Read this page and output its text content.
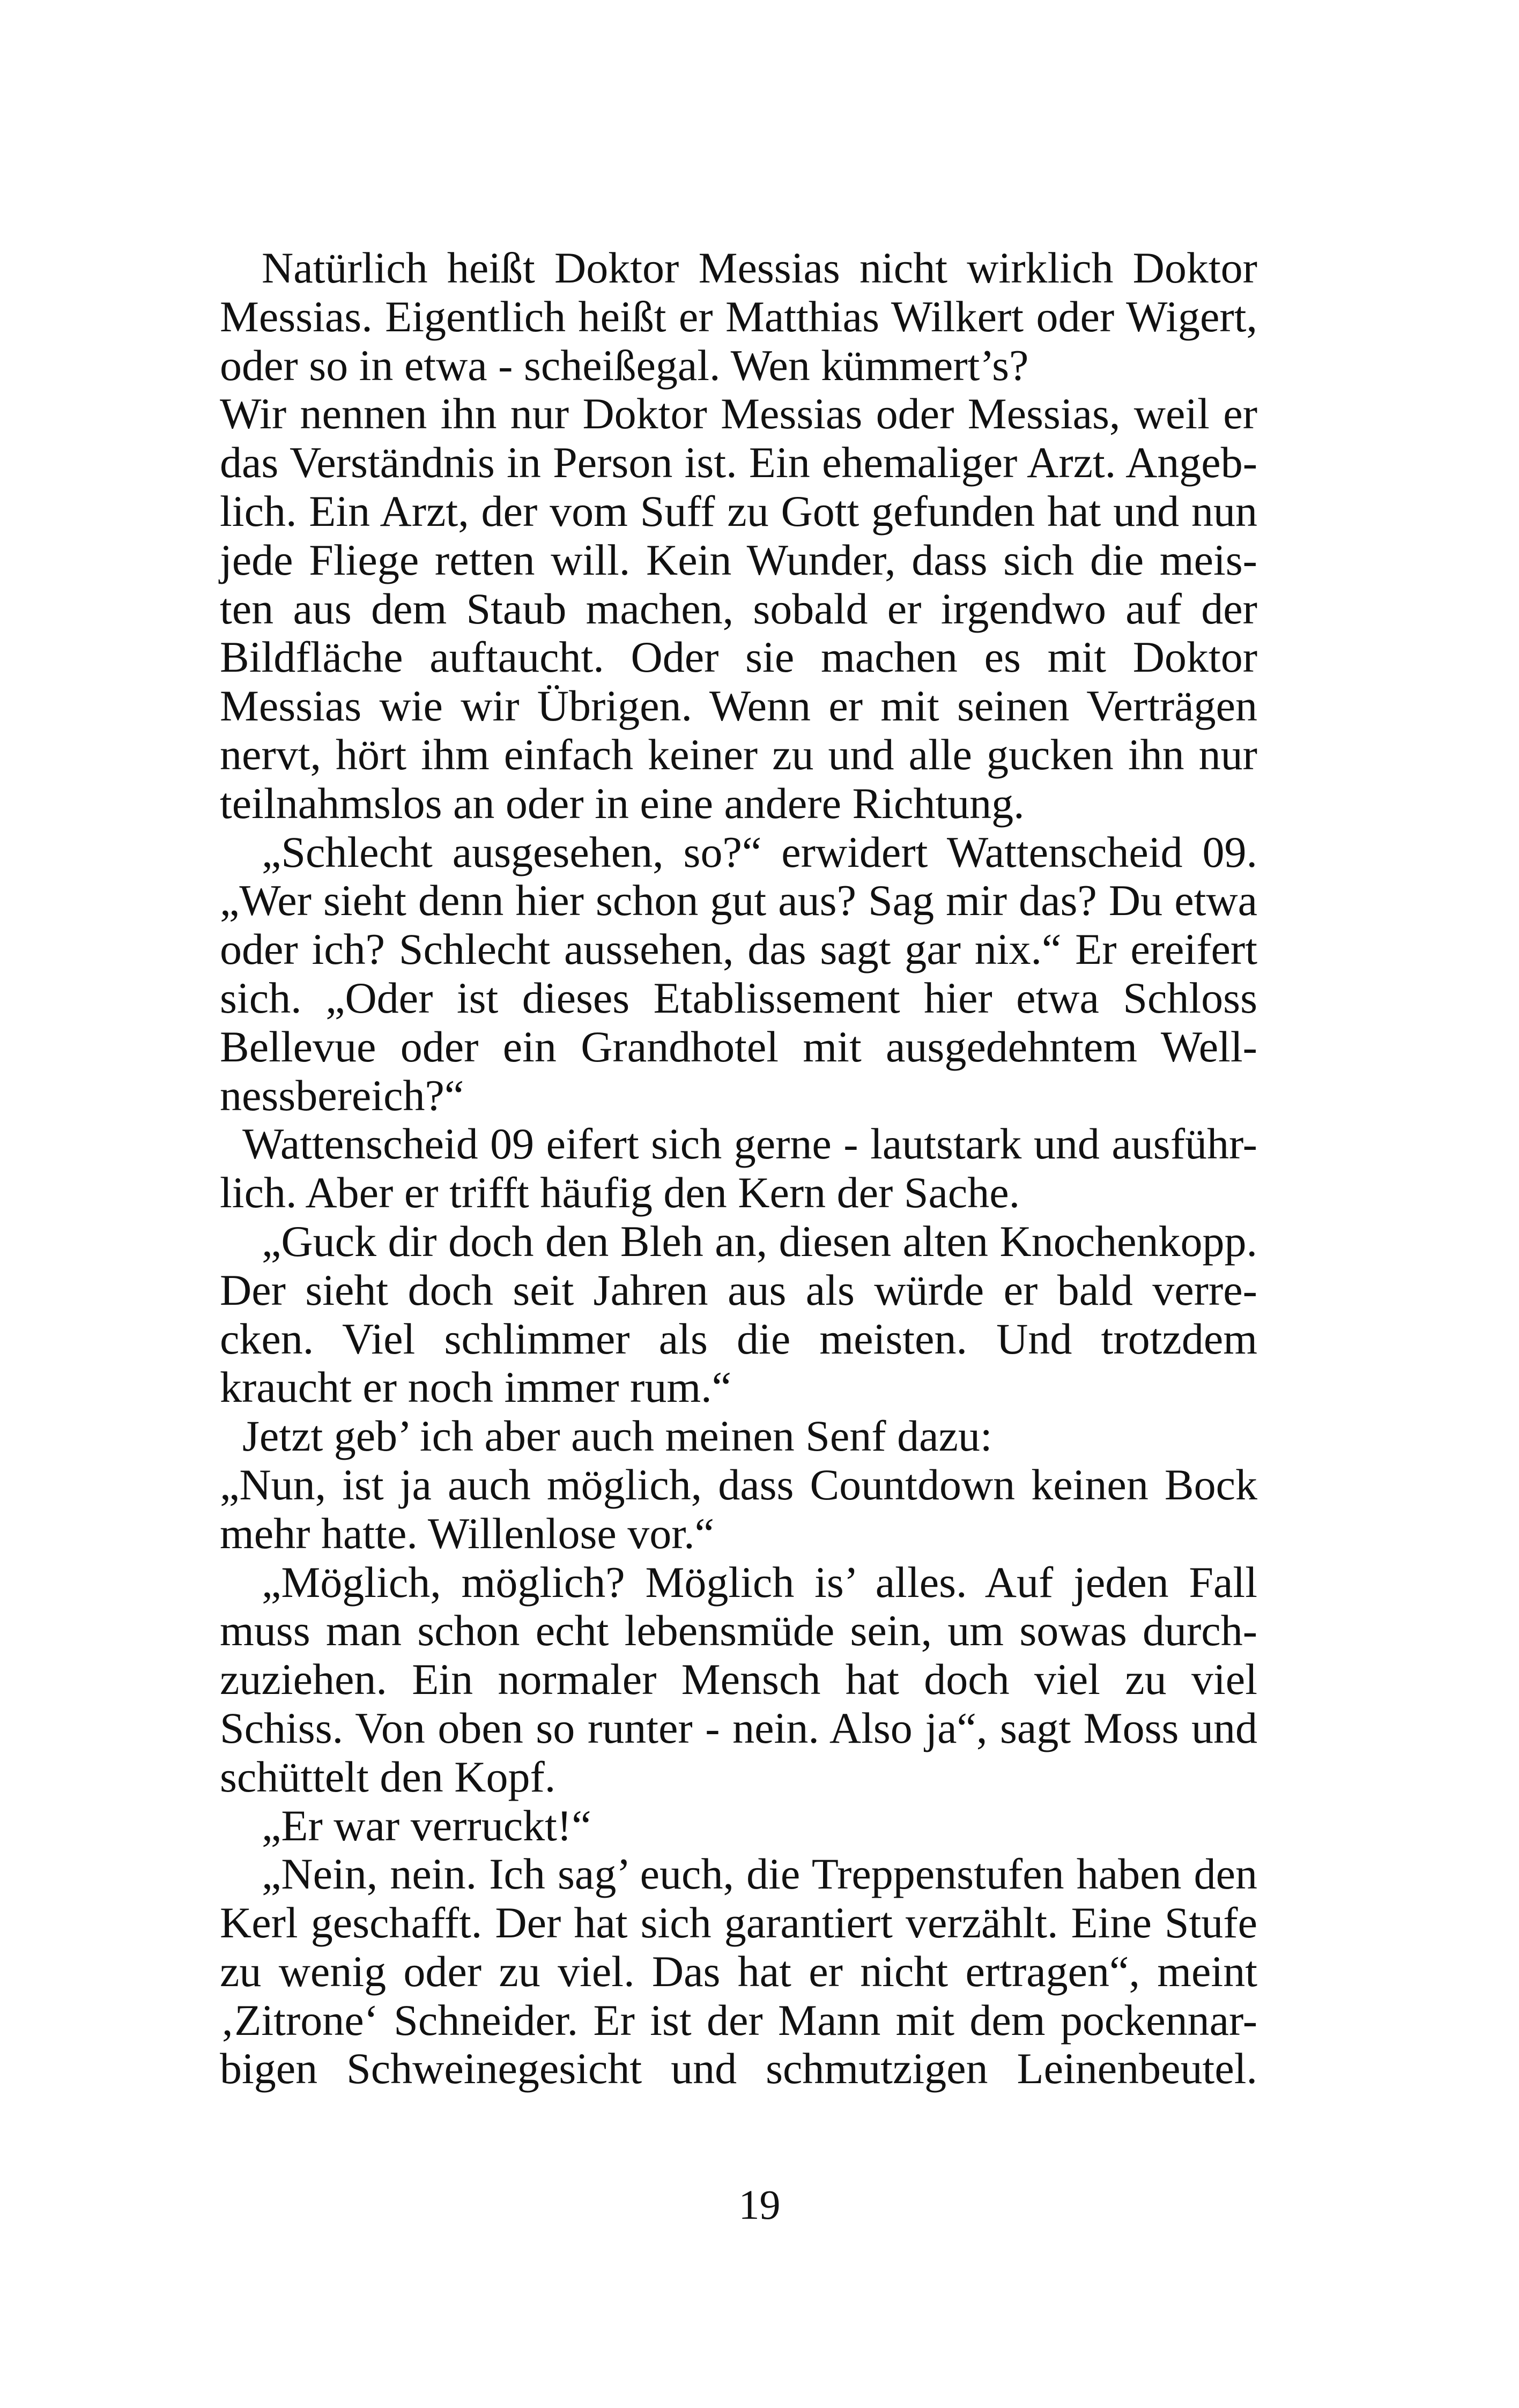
Natürlich heißt Doktor Messias nicht wirklich Doktor
Messias. Eigentlich heißt er Matthias Wilkert oder Wigert,
oder so in etwa - scheißegal. Wen kümmert’s?
Wir nennen ihn nur Doktor Messias oder Messias, weil er
das Verständnis in Person ist. Ein ehemaliger Arzt. Angeb-
lich. Ein Arzt, der vom Suff zu Gott gefunden hat und nun
jede Fliege retten will. Kein Wunder, dass sich die meis-
ten aus dem Staub machen, sobald er irgendwo auf der
Bildfläche auftaucht. Oder sie machen es mit Doktor
Messias wie wir Übrigen. Wenn er mit seinen Verträgen
nervt, hört ihm einfach keiner zu und alle gucken ihn nur
teilnahmslos an oder in eine andere Richtung.
„Schlecht ausgesehen, so?“ erwidert Wattenscheid 09.
„Wer sieht denn hier schon gut aus? Sag mir das? Du etwa
oder ich? Schlecht aussehen, das sagt gar nix.“ Er ereifert
sich. „Oder ist dieses Etablissement hier etwa Schloss
Bellevue oder ein Grandhotel mit ausgedehntem Well-
nessbereich?“
Wattenscheid 09 eifert sich gerne - lautstark und ausführ-
lich. Aber er trifft häufig den Kern der Sache.
„Guck dir doch den Bleh an, diesen alten Knochenkopp.
Der sieht doch seit Jahren aus als würde er bald verre-
cken. Viel schlimmer als die meisten. Und trotzdem
kraucht er noch immer rum.“
Jetzt geb’ ich aber auch meinen Senf dazu:
„Nun, ist ja auch möglich, dass Countdown keinen Bock
mehr hatte. Willenlose vor.“
„Möglich, möglich? Möglich is’ alles. Auf jeden Fall
muss man schon echt lebensmüde sein, um sowas durch-
zuziehen. Ein normaler Mensch hat doch viel zu viel
Schiss. Von oben so runter - nein. Also ja“, sagt Moss und
schüttelt den Kopf.
„Er war verruckt!“
„Nein, nein. Ich sag’ euch, die Treppenstufen haben den
Kerl geschafft. Der hat sich garantiert verzählt. Eine Stufe
zu wenig oder zu viel. Das hat er nicht ertragen“, meint
‚Zitrone‘ Schneider. Er ist der Mann mit dem pockennar-
bigen Schweinegesicht und schmutzigen Leinenbeutel.
19
